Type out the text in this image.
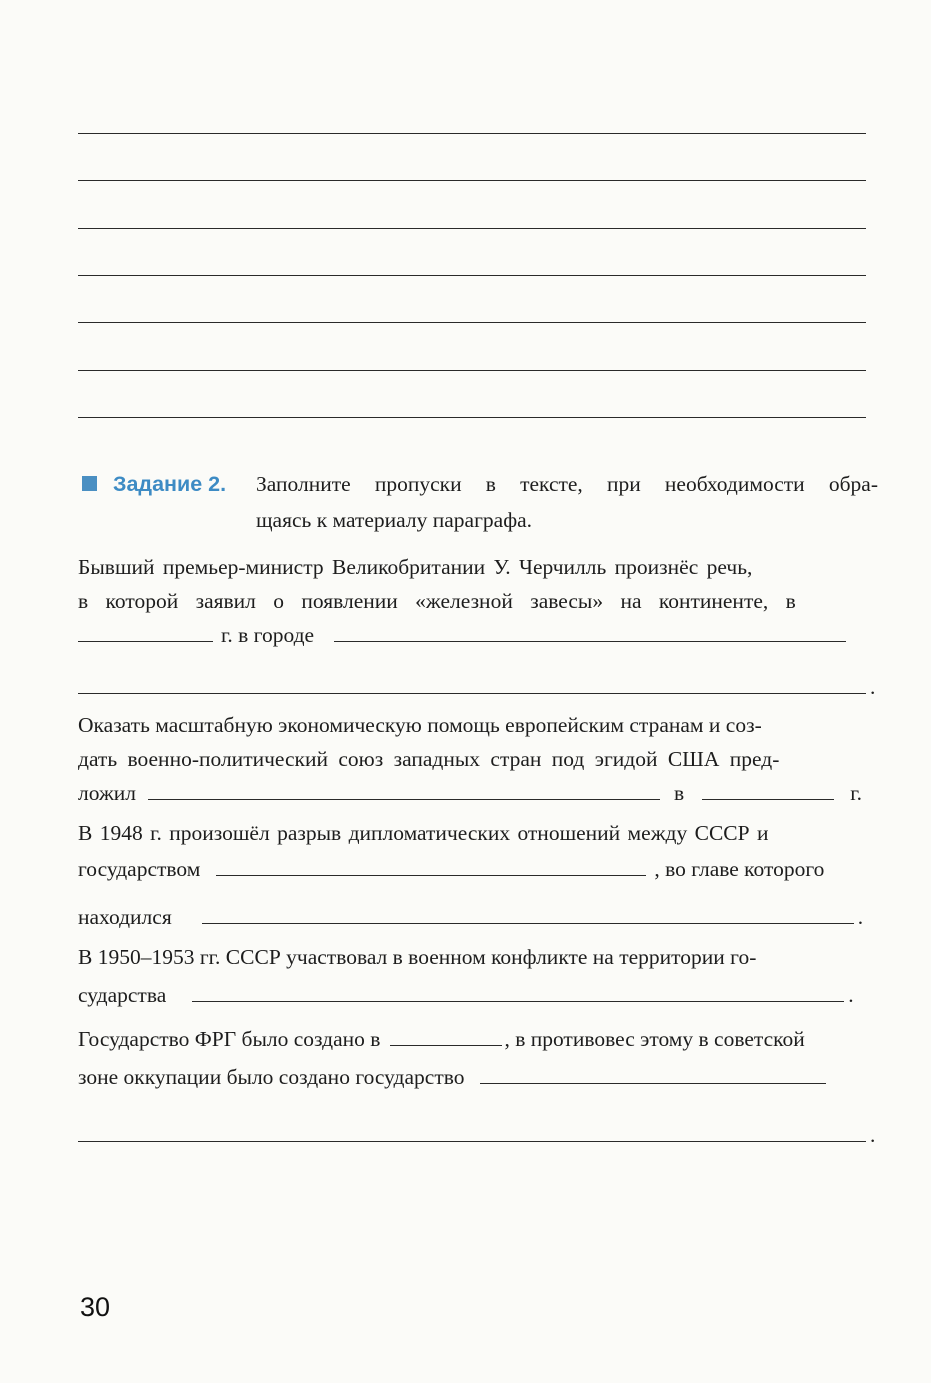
Задание 2. Заполните пропуски в тексте, при необходимости обра-
щаясь к материалу параграфа.
Бывший премьер-министр Великобритании У. Черчилль произнёс речь,
в которой заявил о появлении «железной завесы» на континенте, в
г. в городе
.
Оказать масштабную экономическую помощь европейским странам и соз-
дать военно-политический союз западных стран под эгидой США пред-
ложил	в	г.
В 1948 г. произошёл разрыв дипломатических отношений между СССР и
государством	, во главе которого
находился	.
В 1950–1953 гг. СССР участвовал в военном конфликте на территории го-
сударства	.
Государство ФРГ было создано в	, в противовес этому в советской
зоне оккупации было создано государство
.
30
